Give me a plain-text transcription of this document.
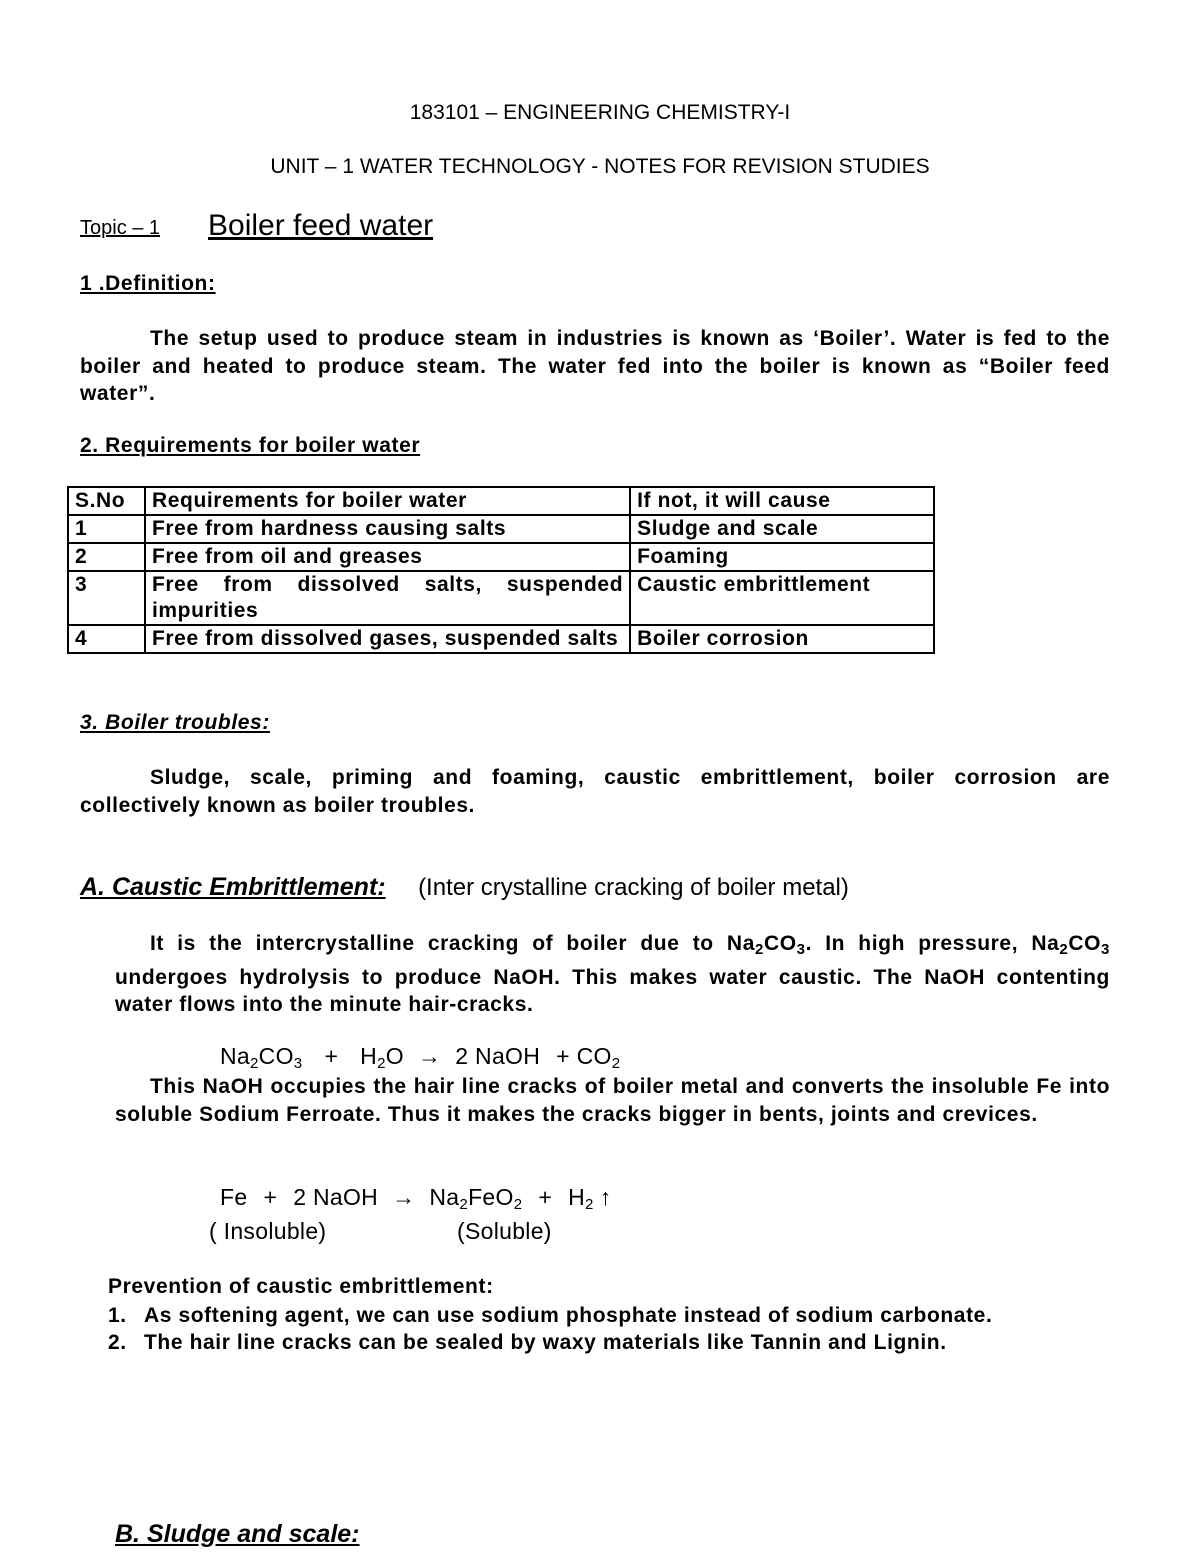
183101 – ENGINEERING CHEMISTRY-I
UNIT – 1 WATER TECHNOLOGY - NOTES FOR REVISION STUDIES
Topic – 1 Boiler feed water
1 .Definition:
The setup used to produce steam in industries is known as ‘Boiler’. Water is fed to the boiler and heated to produce steam. The water fed into the boiler is known as “Boiler feed water”.
2. Requirements for boiler water
S.No	Requirements for boiler water	If not, it will cause
1	Free from hardness causing salts	Sludge and scale
2	Free from oil and greases	Foaming
3	Free from dissolved salts, suspended impurities	Caustic embrittlement
4	Free from dissolved gases, suspended salts	Boiler corrosion
3. Boiler troubles:
Sludge, scale, priming and foaming, caustic embrittlement, boiler corrosion are collectively known as boiler troubles.
A. Caustic Embrittlement: (Inter crystalline cracking of boiler metal)
It is the intercrystalline cracking of boiler due to $Na_2CO_3$. In high pressure, $Na_2CO_3$ undergoes hydrolysis to produce NaOH. This makes water caustic. The NaOH contenting water flows into the minute hair-cracks.
$Na_2CO_3 + H_2O \to 2$ NaOH + $CO_2$
This NaOH occupies the hair line cracks of boiler metal and converts the insoluble Fe into soluble Sodium Ferroate. Thus it makes the cracks bigger in bents, joints and crevices.
Fe + 2 NaOH → $Na_2FeO_2 + H_2$ ↑
( Insoluble)	(Soluble)
Prevention of caustic embrittlement:
1. As softening agent, we can use sodium phosphate instead of sodium carbonate.
2. The hair line cracks can be sealed by waxy materials like Tannin and Lignin.
B. Sludge and scale:
